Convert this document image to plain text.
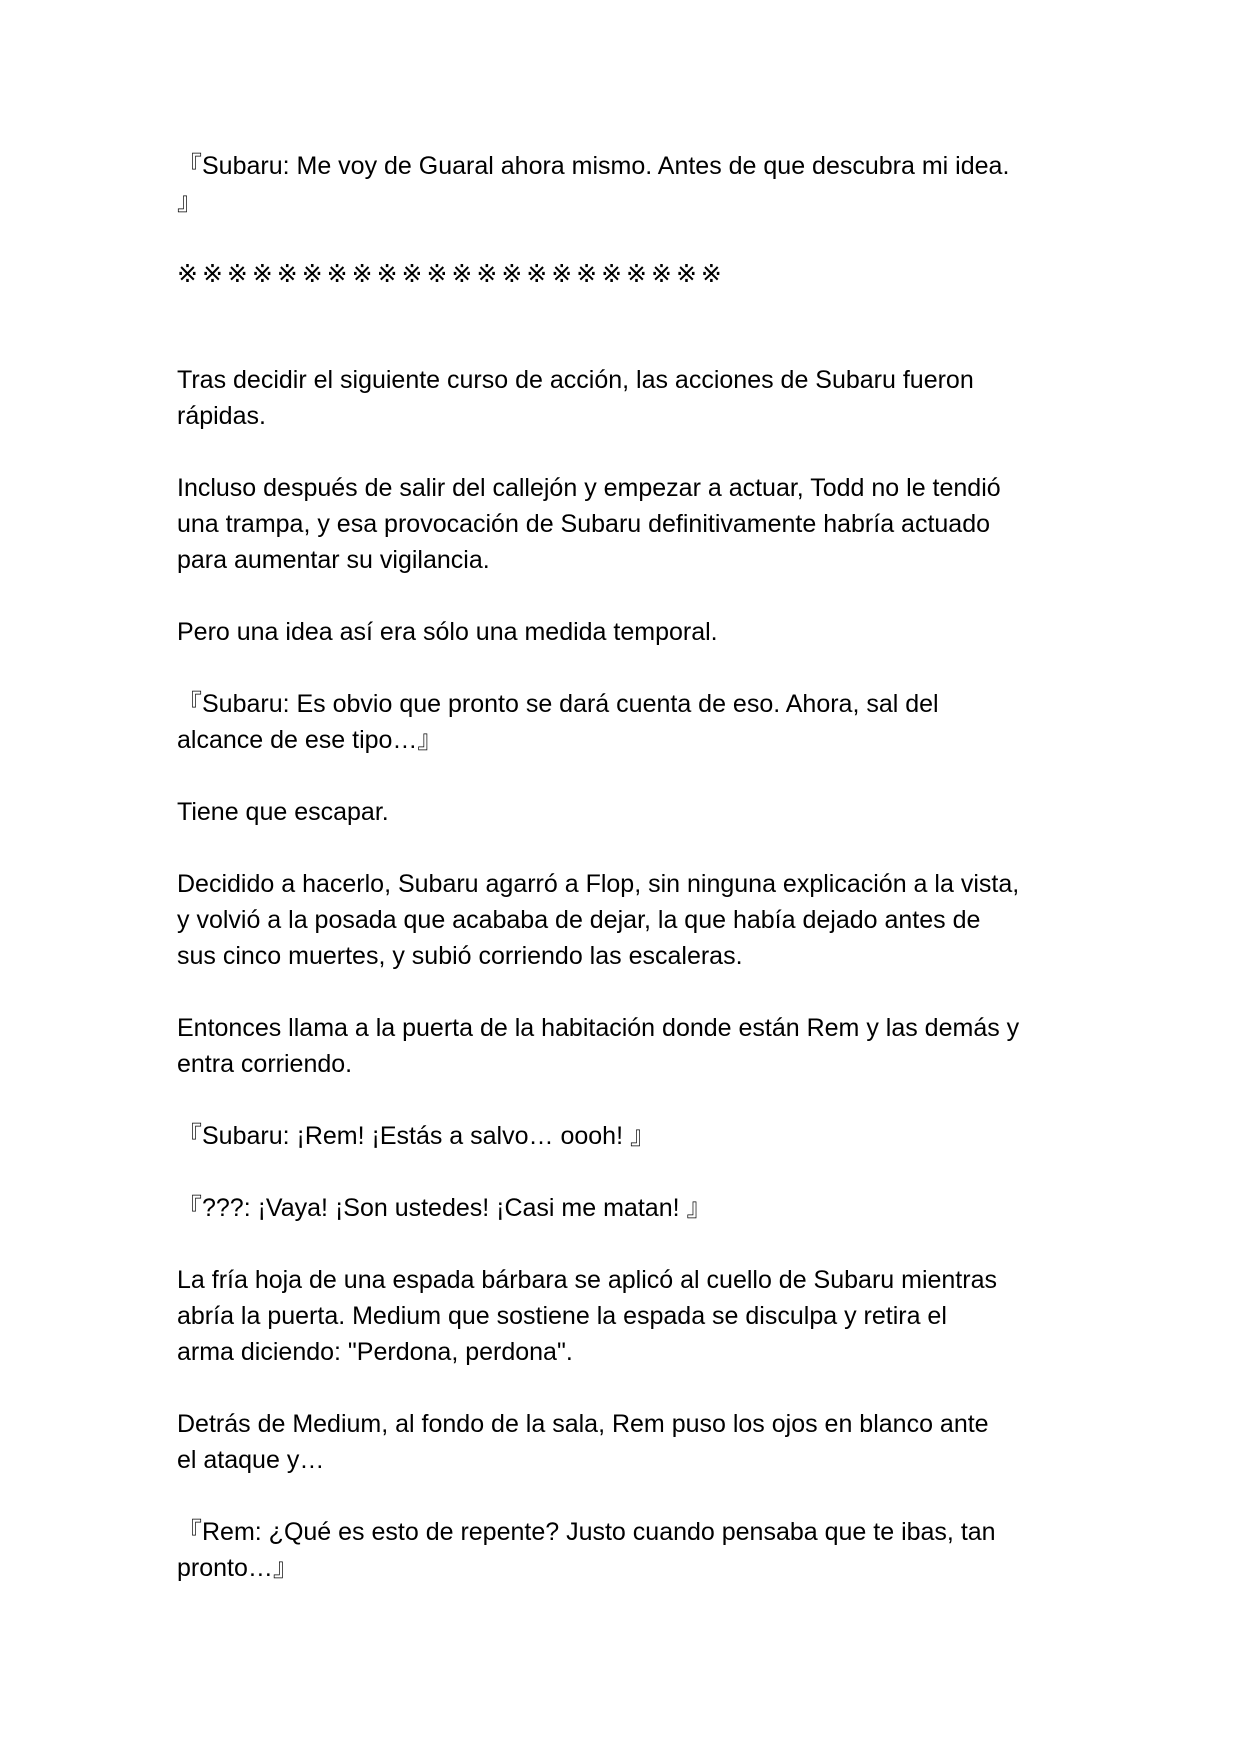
『Subaru: Me voy de Guaral ahora mismo. Antes de que descubra mi idea.
』

※※※※※※※※※※※※※※※※※※※※※※

Tras decidir el siguiente curso de acción, las acciones de Subaru fueron
rápidas.

Incluso después de salir del callejón y empezar a actuar, Todd no le tendió
una trampa, y esa provocación de Subaru definitivamente habría actuado
para aumentar su vigilancia.

Pero una idea así era sólo una medida temporal.

『Subaru: Es obvio que pronto se dará cuenta de eso. Ahora, sal del
alcance de ese tipo…』

Tiene que escapar.

Decidido a hacerlo, Subaru agarró a Flop, sin ninguna explicación a la vista,
y volvió a la posada que acababa de dejar, la que había dejado antes de
sus cinco muertes, y subió corriendo las escaleras.

Entonces llama a la puerta de la habitación donde están Rem y las demás y
entra corriendo.

『Subaru: ¡Rem! ¡Estás a salvo… oooh! 』

『???: ¡Vaya! ¡Son ustedes! ¡Casi me matan! 』

La fría hoja de una espada bárbara se aplicó al cuello de Subaru mientras
abría la puerta. Medium que sostiene la espada se disculpa y retira el
arma diciendo: "Perdona, perdona".

Detrás de Medium, al fondo de la sala, Rem puso los ojos en blanco ante
el ataque y…

『Rem: ¿Qué es esto de repente? Justo cuando pensaba que te ibas, tan
pronto…』
